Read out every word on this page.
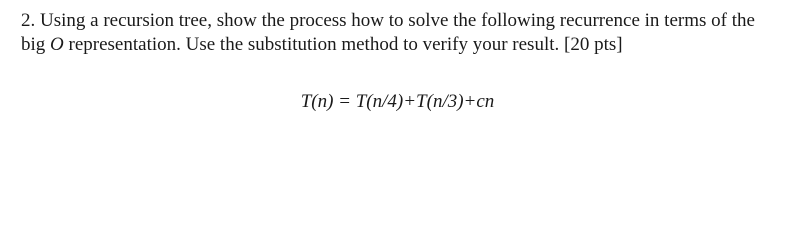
2. Using a recursion tree, show the process how to solve the following recurrence in terms of the
big O representation. Use the substitution method to verify your result. [20 pts]
T(n) = T(n/4)+T(n/3)+cn
